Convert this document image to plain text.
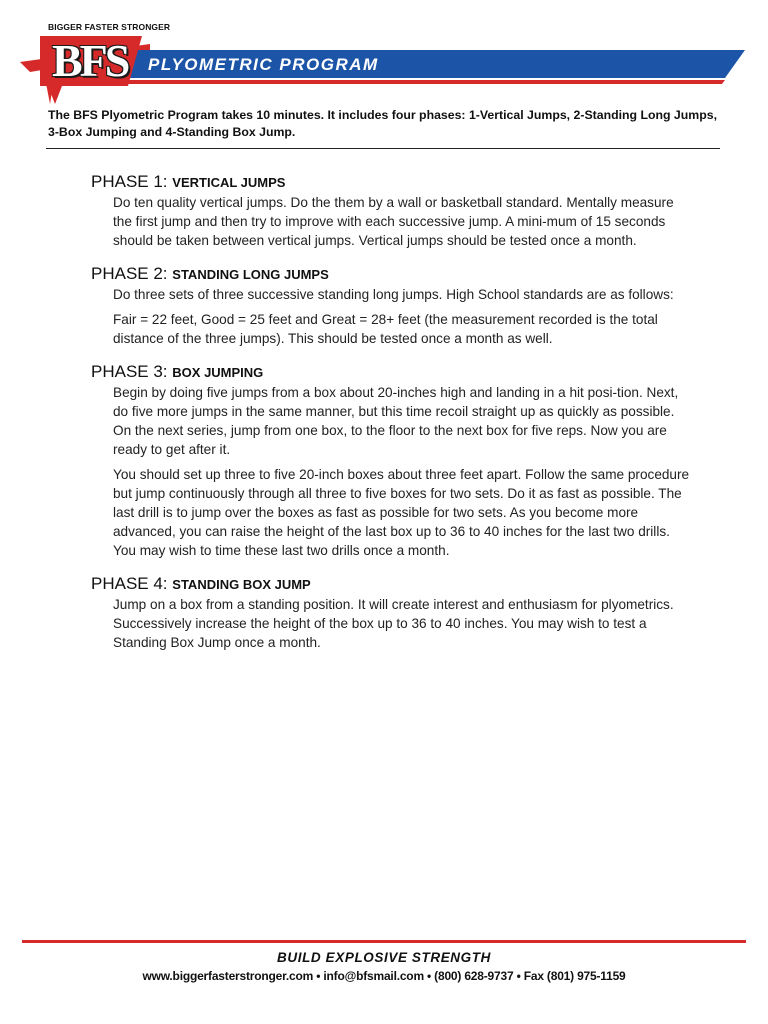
BIGGER FASTER STRONGER
BFS PLYOMETRIC PROGRAM
The BFS Plyometric Program takes 10 minutes. It includes four phases: 1-Vertical Jumps, 2-Standing Long Jumps, 3-Box Jumping and 4-Standing Box Jump.
PHASE 1: VERTICAL JUMPS
Do ten quality vertical jumps. Do the them by a wall or basketball standard. Mentally measure the first jump and then try to improve with each successive jump. A mini-mum of 15 seconds should be taken between vertical jumps. Vertical jumps should be tested once a month.
PHASE 2: STANDING LONG JUMPS
Do three sets of three successive standing long jumps. High School standards are as follows:
Fair = 22 feet, Good = 25 feet and Great = 28+ feet (the measurement recorded is the total
distance of the three jumps). This should be tested once a month as well.
PHASE 3: BOX JUMPING
Begin by doing five jumps from a box about 20-inches high and landing in a hit posi-tion. Next, do five more jumps in the same manner, but this time recoil straight up as quickly as possible. On the next series, jump from one box, to the floor to the next box for five reps. Now you are ready to get after it.
You should set up three to five 20-inch boxes about three feet apart. Follow the same procedure but jump continuously through all three to five boxes for two sets. Do it as fast as possible. The last drill is to jump over the boxes as fast as possible for two sets. As you become more advanced, you can raise the height of the last box up to 36 to 40 inches for the last two drills. You may wish to time these last two drills once a month.
PHASE 4: STANDING BOX JUMP
Jump on a box from a standing position. It will create interest and enthusiasm for plyometrics. Successively increase the height of the box up to 36 to 40 inches. You may wish to test a Standing Box Jump once a month.
BUILD EXPLOSIVE STRENGTH
www.biggerfasterstronger.com • info@bfsmail.com • (800) 628-9737 • Fax (801) 975-1159
